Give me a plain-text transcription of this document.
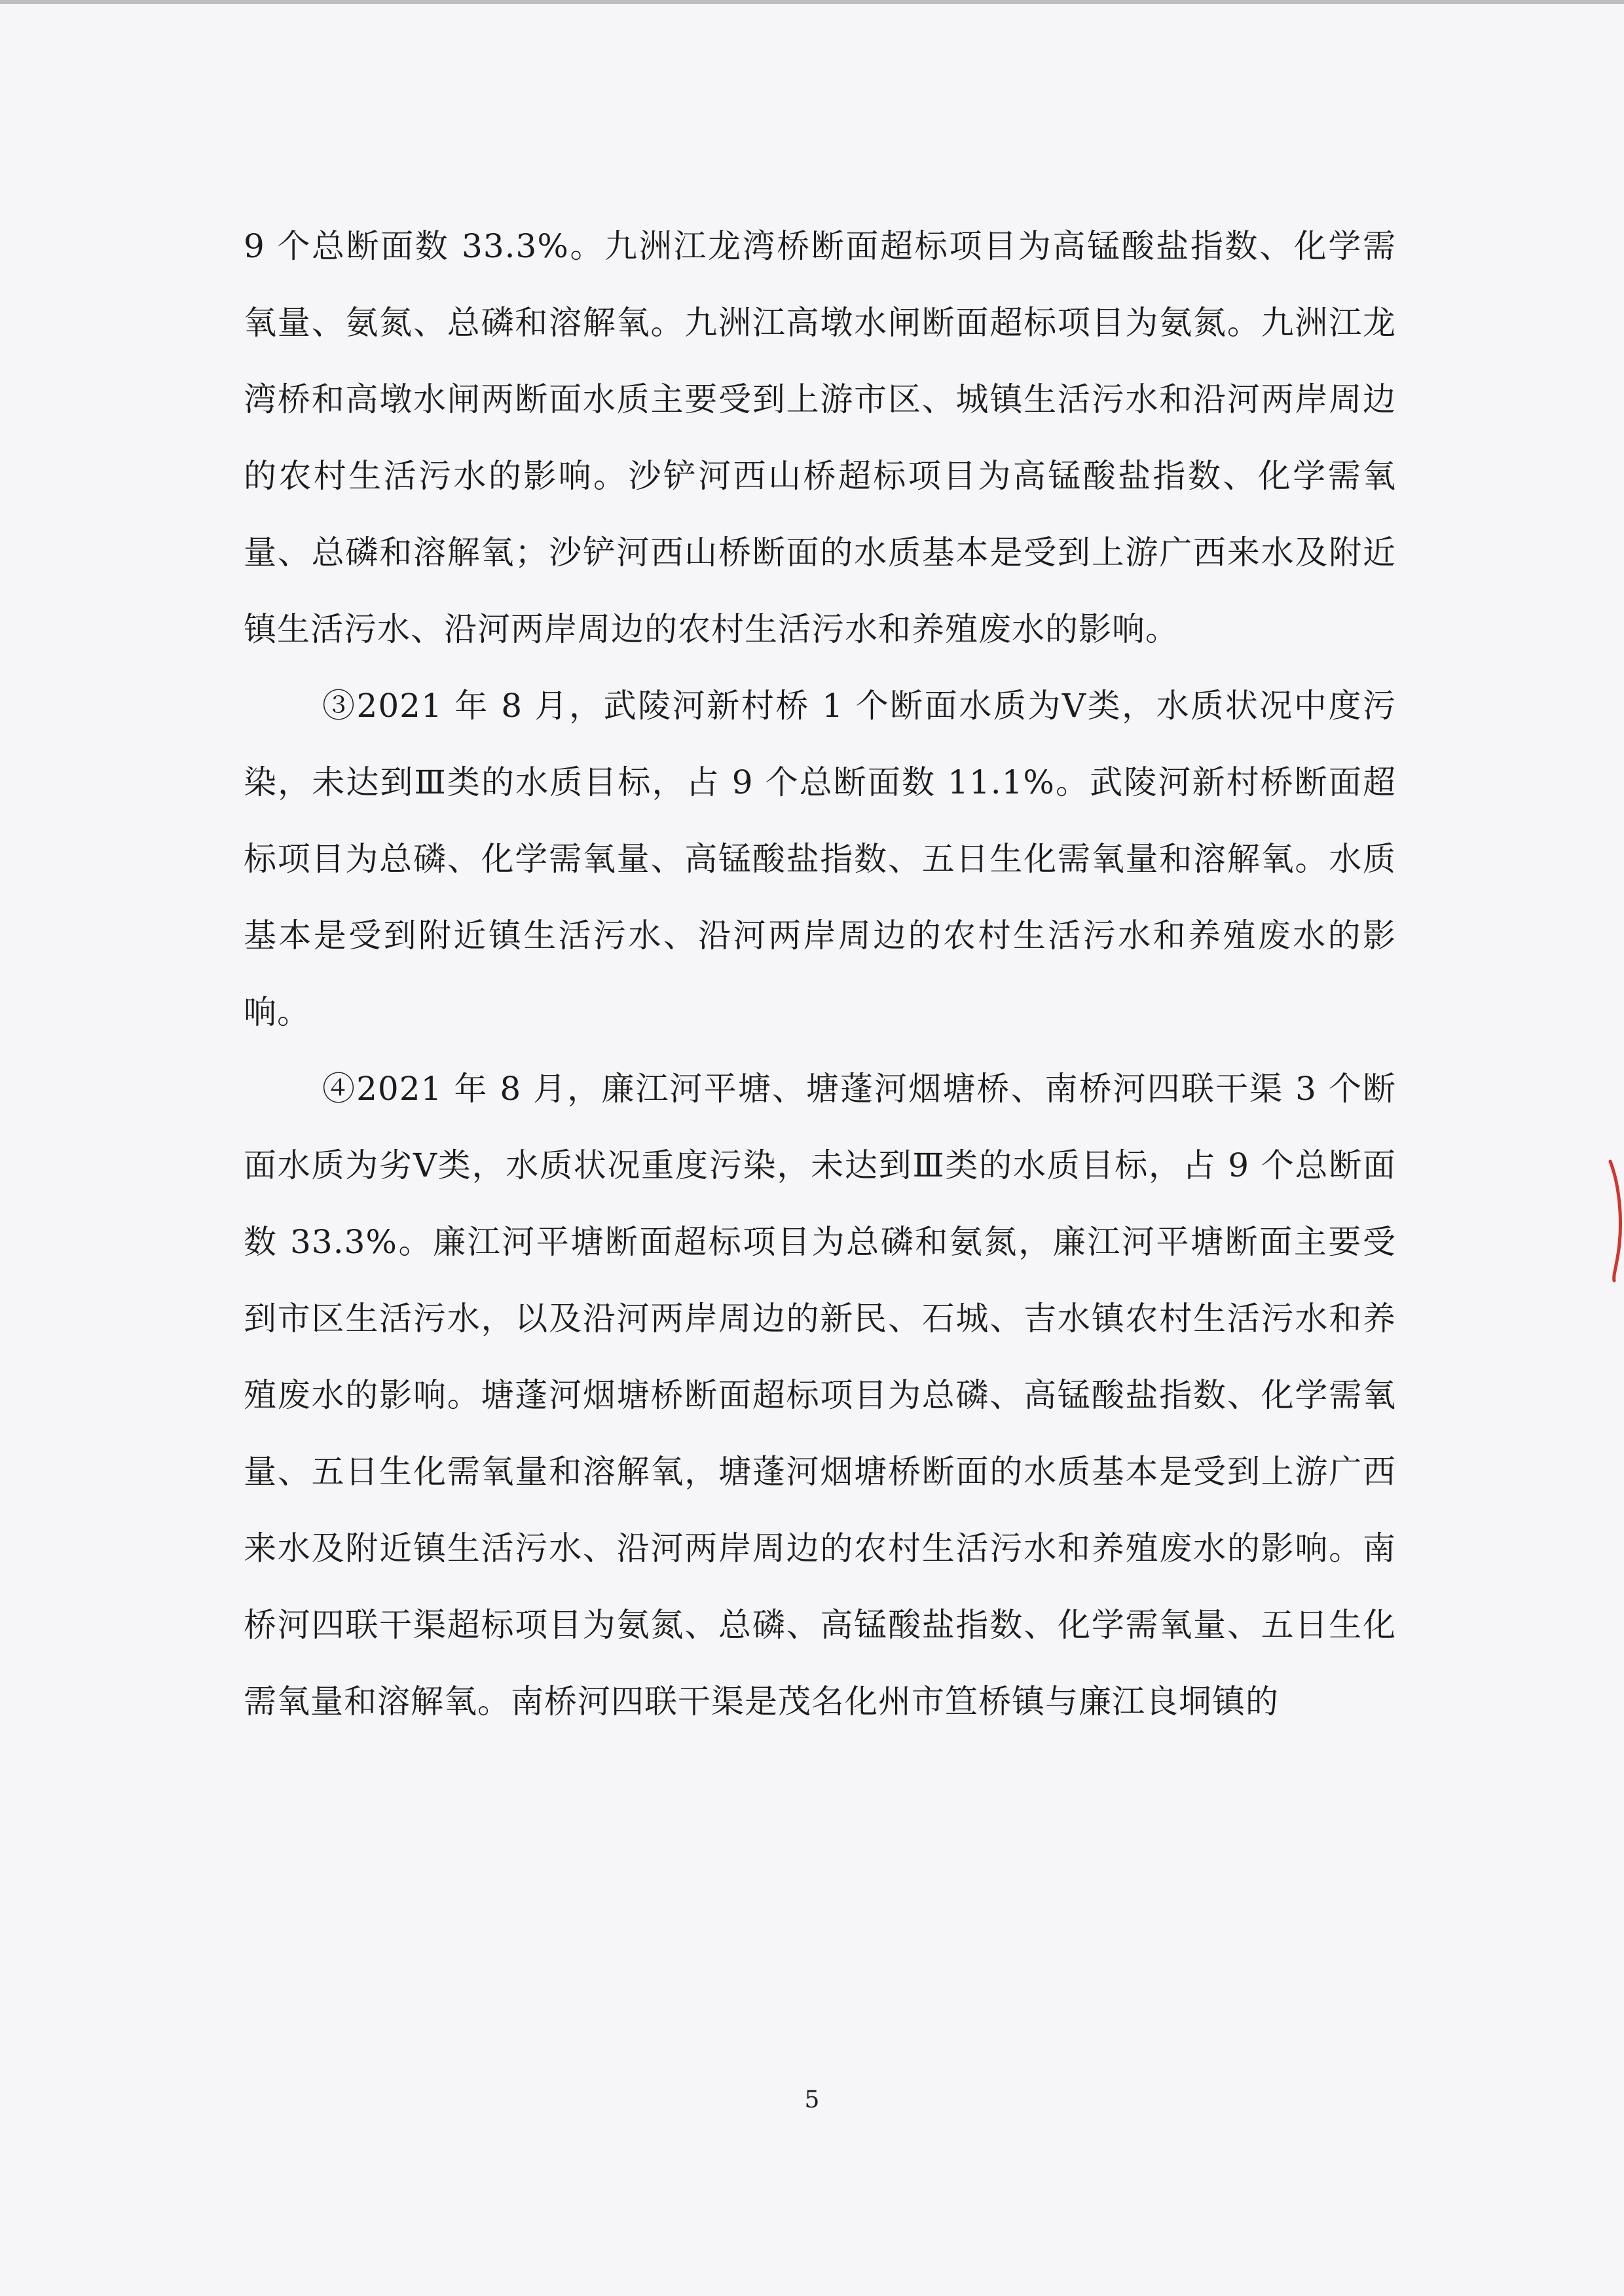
9 个总断面数 33.3%。九洲江龙湾桥断面超标项目为高锰酸盐指数、化学需氧量、氨氮、总磷和溶解氧。九洲江高墩水闸断面超标项目为氨氮。九洲江龙湾桥和高墩水闸两断面水质主要受到上游市区、城镇生活污水和沿河两岸周边的农村生活污水的影响。沙铲河西山桥超标项目为高锰酸盐指数、化学需氧量、总磷和溶解氧；沙铲河西山桥断面的水质基本是受到上游广西来水及附近镇生活污水、沿河两岸周边的农村生活污水和养殖废水的影响。

③2021 年 8 月，武陵河新村桥 1 个断面水质为Ⅴ类，水质状况中度污染，未达到Ⅲ类的水质目标，占 9 个总断面数 11.1%。武陵河新村桥断面超标项目为总磷、化学需氧量、高锰酸盐指数、五日生化需氧量和溶解氧。水质基本是受到附近镇生活污水、沿河两岸周边的农村生活污水和养殖废水的影响。

④2021 年 8 月，廉江河平塘、塘蓬河烟塘桥、南桥河四联干渠 3 个断面水质为劣Ⅴ类，水质状况重度污染，未达到Ⅲ类的水质目标，占 9 个总断面数 33.3%。廉江河平塘断面超标项目为总磷和氨氮，廉江河平塘断面主要受到市区生活污水，以及沿河两岸周边的新民、石城、吉水镇农村生活污水和养殖废水的影响。塘蓬河烟塘桥断面超标项目为总磷、高锰酸盐指数、化学需氧量、五日生化需氧量和溶解氧，塘蓬河烟塘桥断面的水质基本是受到上游广西来水及附近镇生活污水、沿河两岸周边的农村生活污水和养殖废水的影响。南桥河四联干渠超标项目为氨氮、总磷、高锰酸盐指数、化学需氧量、五日生化需氧量和溶解氧。南桥河四联干渠是茂名化州市笪桥镇与廉江良垌镇的

5
